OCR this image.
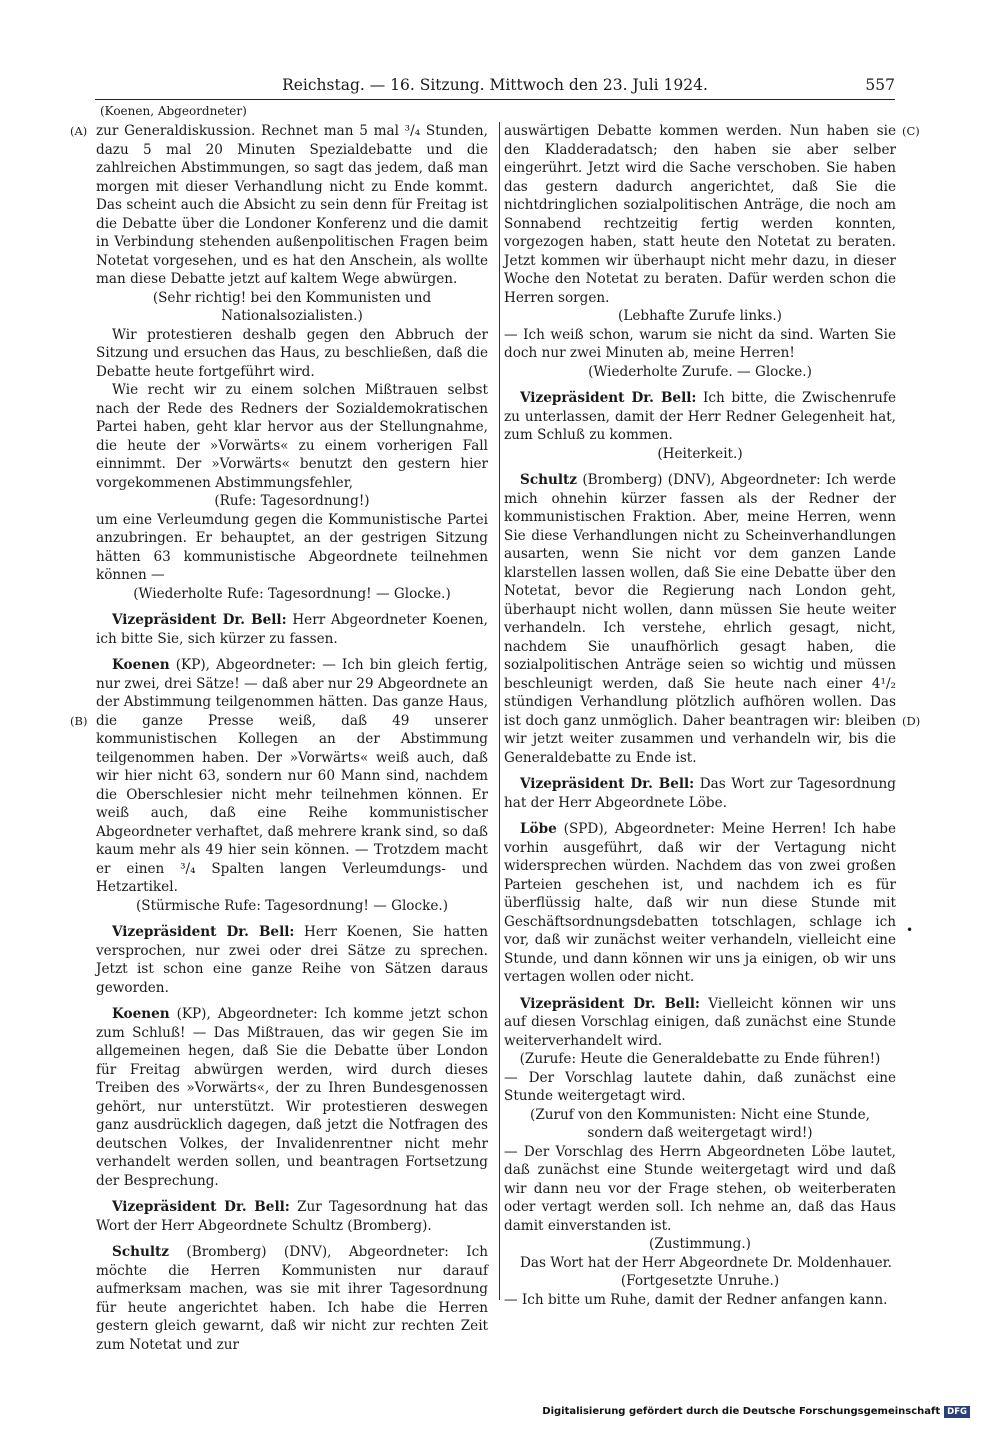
Reichstag. — 16. Sitzung. Mittwoch den 23. Juli 1924.	557
(Koenen, Abgeordneter)
(A)
(B)
(C)
(D)

zur Generaldiskussion. Rechnet man 5 mal ³/₄ Stunden, dazu 5 mal 20 Minuten Spezialdebatte und die zahlreichen Abstimmungen, so sagt das jedem, daß man morgen mit dieser Verhandlung nicht zu Ende kommt. Das scheint auch die Absicht zu sein denn für Freitag ist die Debatte über die Londoner Konferenz und die damit in Verbindung stehenden außenpolitischen Fragen beim Notetat vorgesehen, und es hat den Anschein, als wollte man diese Debatte jetzt auf kaltem Wege abwürgen.

(Sehr richtig! bei den Kommunisten und Nationalsozialisten.)

Wir protestieren deshalb gegen den Abbruch der Sitzung und ersuchen das Haus, zu beschließen, daß die Debatte heute fortgeführt wird.

Wie recht wir zu einem solchen Mißtrauen selbst nach der Rede des Redners der Sozialdemokratischen Partei haben, geht klar hervor aus der Stellungnahme, die heute der »Vorwärts« zu einem vorherigen Fall einnimmt. Der »Vorwärts« benutzt den gestern hier vorgekommenen Abstimmungsfehler,

(Rufe: Tagesordnung!)

um eine Verleumdung gegen die Kommunistische Partei anzubringen. Er behauptet, an der gestrigen Sitzung hätten 63 kommunistische Abgeordnete teilnehmen können —

(Wiederholte Rufe: Tagesordnung! — Glocke.)

Vizepräsident Dr. Bell: Herr Abgeordneter Koenen, ich bitte Sie, sich kürzer zu fassen.

Koenen (KP), Abgeordneter: — Ich bin gleich fertig, nur zwei, drei Sätze! — daß aber nur 29 Abgeordnete an der Abstimmung teilgenommen hätten. Das ganze Haus, die ganze Presse weiß, daß 49 unserer kommunistischen Kollegen an der Abstimmung teilgenommen haben. Der »Vorwärts« weiß auch, daß wir hier nicht 63, sondern nur 60 Mann sind, nachdem die Oberschlesier nicht mehr teilnehmen können. Er weiß auch, daß eine Reihe kommunistischer Abgeordneter verhaftet, daß mehrere krank sind, so daß kaum mehr als 49 hier sein können. — Trotzdem macht er einen ³/₄ Spalten langen Verleumdungs- und Hetzartikel.

(Stürmische Rufe: Tagesordnung! — Glocke.)

Vizepräsident Dr. Bell: Herr Koenen, Sie hatten versprochen, nur zwei oder drei Sätze zu sprechen. Jetzt ist schon eine ganze Reihe von Sätzen daraus geworden.

Koenen (KP), Abgeordneter: Ich komme jetzt schon zum Schluß! — Das Mißtrauen, das wir gegen Sie im allgemeinen hegen, daß Sie die Debatte über London für Freitag abwürgen werden, wird durch dieses Treiben des »Vorwärts«, der zu Ihren Bundesgenossen gehört, nur unterstützt. Wir protestieren deswegen ganz ausdrücklich dagegen, daß jetzt die Notfragen des deutschen Volkes, der Invalidenrentner nicht mehr verhandelt werden sollen, und beantragen Fortsetzung der Besprechung.

Vizepräsident Dr. Bell: Zur Tagesordnung hat das Wort der Herr Abgeordnete Schultz (Bromberg).

Schultz (Bromberg) (DNV), Abgeordneter: Ich möchte die Herren Kommunisten nur darauf aufmerksam machen, was sie mit ihrer Tagesordnung für heute angerichtet haben. Ich habe die Herren gestern gleich gewarnt, daß wir nicht zur rechten Zeit zum Notetat und zur

auswärtigen Debatte kommen werden. Nun haben sie den Kladderadatsch; den haben sie aber selber eingerührt. Jetzt wird die Sache verschoben. Sie haben das gestern dadurch angerichtet, daß Sie die nichtdringlichen sozialpolitischen Anträge, die noch am Sonnabend rechtzeitig fertig werden konnten, vorgezogen haben, statt heute den Notetat zu beraten. Jetzt kommen wir überhaupt nicht mehr dazu, in dieser Woche den Notetat zu beraten. Dafür werden schon die Herren sorgen.

(Lebhafte Zurufe links.)

— Ich weiß schon, warum sie nicht da sind. Warten Sie doch nur zwei Minuten ab, meine Herren!

(Wiederholte Zurufe. — Glocke.)

Vizepräsident Dr. Bell: Ich bitte, die Zwischenrufe zu unterlassen, damit der Herr Redner Gelegenheit hat, zum Schluß zu kommen.

(Heiterkeit.)

Schultz (Bromberg) (DNV), Abgeordneter: Ich werde mich ohnehin kürzer fassen als der Redner der kommunistischen Fraktion. Aber, meine Herren, wenn Sie diese Verhandlungen nicht zu Scheinverhandlungen ausarten, wenn Sie nicht vor dem ganzen Lande klarstellen lassen wollen, daß Sie eine Debatte über den Notetat, bevor die Regierung nach London geht, überhaupt nicht wollen, dann müssen Sie heute weiter verhandeln. Ich verstehe, ehrlich gesagt, nicht, nachdem Sie unaufhörlich gesagt haben, die sozialpolitischen Anträge seien so wichtig und müssen beschleunigt werden, daß Sie heute nach einer 4¹/₂ stündigen Verhandlung plötzlich aufhören wollen. Das ist doch ganz unmöglich. Daher beantragen wir: bleiben wir jetzt weiter zusammen und verhandeln wir, bis die Generaldebatte zu Ende ist.

Vizepräsident Dr. Bell: Das Wort zur Tagesordnung hat der Herr Abgeordnete Löbe.

Löbe (SPD), Abgeordneter: Meine Herren! Ich habe vorhin ausgeführt, daß wir der Vertagung nicht widersprechen würden. Nachdem das von zwei großen Parteien geschehen ist, und nachdem ich es für überflüssig halte, daß wir nun diese Stunde mit Geschäftsordnungsdebatten totschlagen, schlage ich vor, daß wir zunächst weiter verhandeln, vielleicht eine Stunde, und dann können wir uns ja einigen, ob wir uns vertagen wollen oder nicht.

Vizepräsident Dr. Bell: Vielleicht können wir uns auf diesen Vorschlag einigen, daß zunächst eine Stunde weiterverhandelt wird.

(Zurufe: Heute die Generaldebatte zu Ende führen!)

— Der Vorschlag lautete dahin, daß zunächst eine Stunde weitergetagt wird.

(Zuruf von den Kommunisten: Nicht eine Stunde, sondern daß weitergetagt wird!)

— Der Vorschlag des Herrn Abgeordneten Löbe lautet, daß zunächst eine Stunde weitergetagt wird und daß wir dann neu vor der Frage stehen, ob weiterberaten oder vertagt werden soll. Ich nehme an, daß das Haus damit einverstanden ist.

(Zustimmung.)

Das Wort hat der Herr Abgeordnete Dr. Moldenhauer.

(Fortgesetzte Unruhe.)

— Ich bitte um Ruhe, damit der Redner anfangen kann.

•
Digitalisierung gefördert durch die Deutsche Forschungsgemeinschaft DFG
